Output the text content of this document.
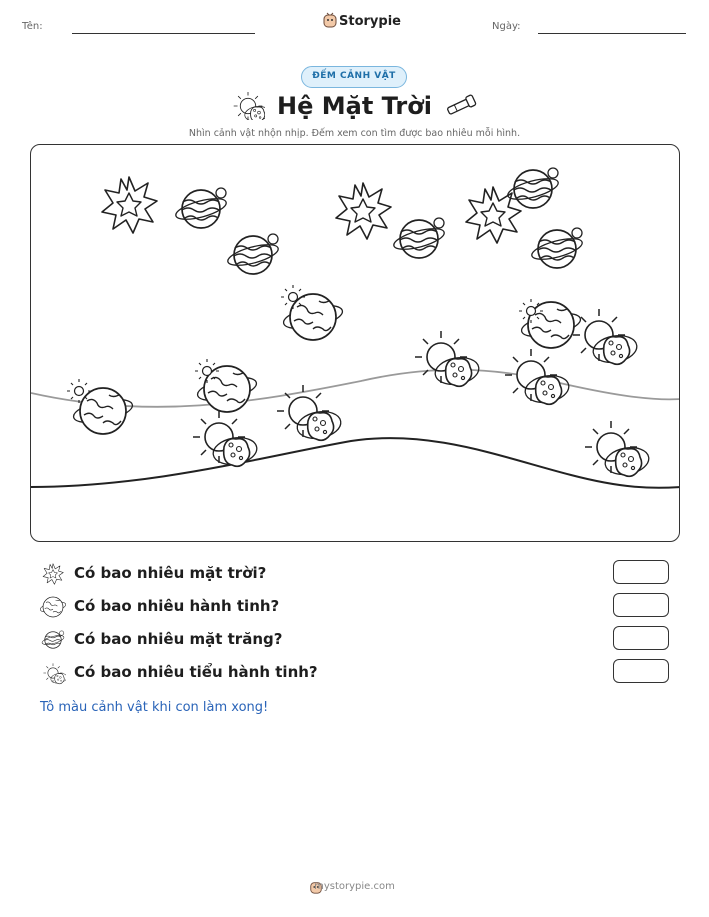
Tên:	Storypie	Ngày:
ĐẾM CẢNH VẬT
Hệ Mặt Trời
Nhìn cảnh vật nhộn nhịp. Đếm xem con tìm được bao nhiêu mỗi hình.
Có bao nhiêu mặt trời?
Có bao nhiêu hành tinh?
Có bao nhiêu mặt trăng?
Có bao nhiêu tiểu hành tinh?
Tô màu cảnh vật khi con làm xong!
mystorypie.com
